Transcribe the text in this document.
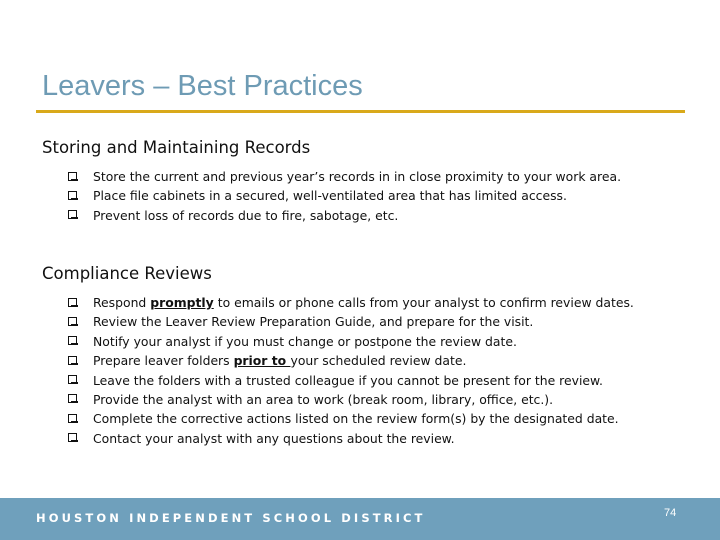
Leavers – Best Practices
Storing and Maintaining Records
Store the current and previous year’s records in in close proximity to your work area.
Place file cabinets in a secured, well-ventilated area that has limited access.
Prevent loss of records due to fire, sabotage, etc.
Compliance Reviews
Respond promptly to emails or phone calls from your analyst to confirm review dates.
Review the Leaver Review Preparation Guide, and prepare for the visit.
Notify your analyst if you must change or postpone the review date.
Prepare leaver folders prior to your scheduled review date.
Leave the folders with a trusted colleague if you cannot be present for the review.
Provide the analyst with an area to work (break room, library, office, etc.).
Complete the corrective actions listed on the review form(s) by the designated date.
Contact your analyst with any questions about the review.
HOUSTON INDEPENDENT SCHOOL DISTRICT	74
